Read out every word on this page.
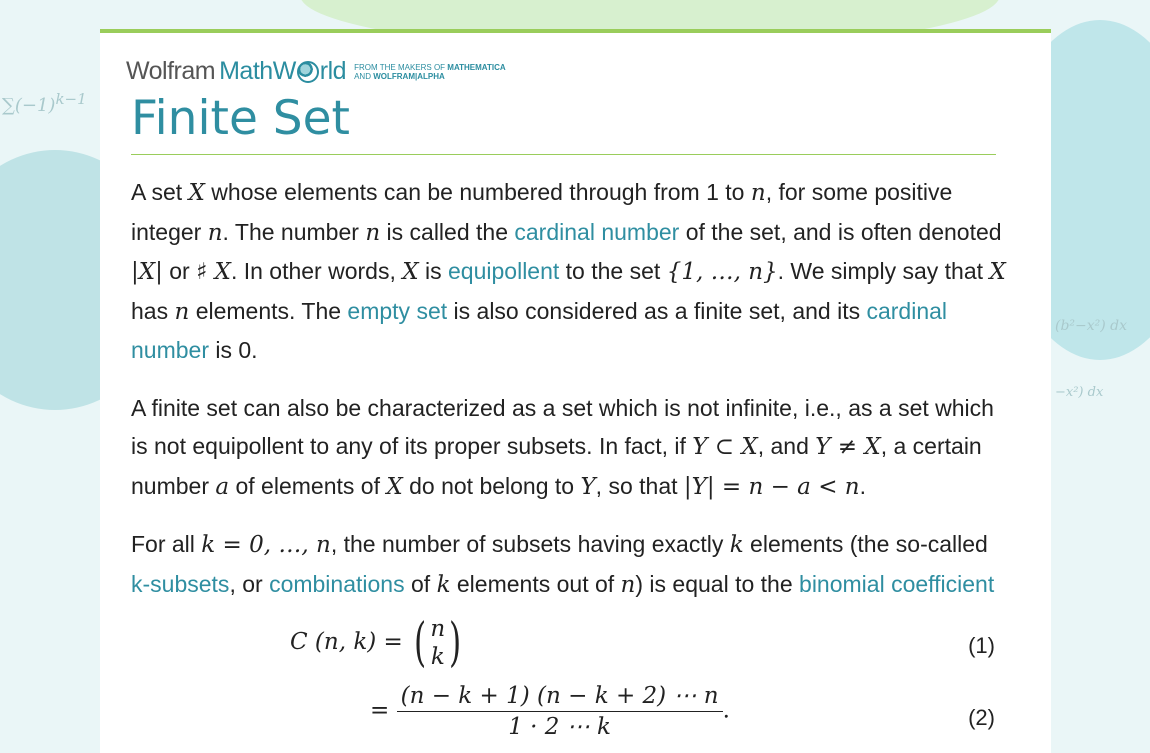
$\sum(-1)^{k-1}$
(b²−x²) dx
−x²) dx
Wolfram MathW rld FROM THE MAKERS OF MATHEMATICA
AND WOLFRAM|ALPHA
Finite Set

A set X whose elements can be numbered through from 1 to n, for some positive integer n. The number n is called the cardinal number of the set, and is often denoted |X| or ♯ X. In other words, X is equipollent to the set {1, …, n}. We simply say that X has n elements. The empty set is also considered as a finite set, and its cardinal number is 0.

A finite set can also be characterized as a set which is not infinite, i.e., as a set which is not equipollent to any of its proper subsets. In fact, if Y ⊂ X, and Y ≠ X, a certain number a of elements of X do not belong to Y, so that |Y| = n − a < n.

For all k = 0, …, n, the number of subsets having exactly k elements (the so-called k-subsets, or combinations of k elements out of n) is equal to the binomial coefficient

C (n, k) = ( n
k )	(1)
= $\frac{(n - k + 1) (n - k + 2) \cdots n}{1 \cdot 2 \cdots k}$ .	(2)
